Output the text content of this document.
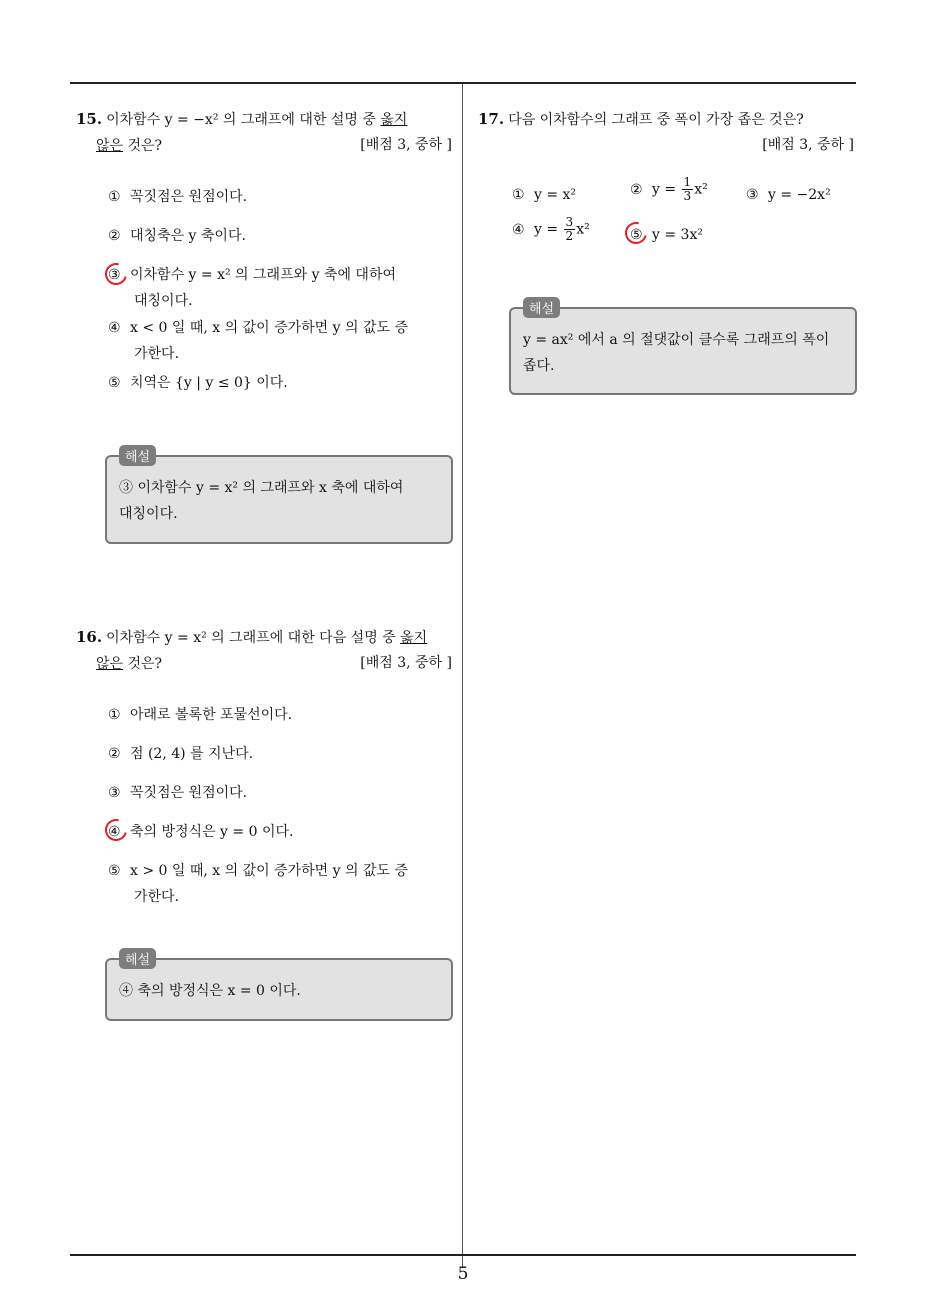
5
15. 이차함수 y = −x² 의 그래프에 대한 설명 중 옳지
않은 것은?	[배점 3, 중하 ]
① 꼭짓점은 원점이다.
② 대칭축은 y 축이다.
③ 이차함수 y = x² 의 그래프와 y 축에 대하여
대칭이다.
④ x < 0 일 때, x 의 값이 증가하면 y 의 값도 증
가한다.
⑤ 치역은 {y | y ≤ 0} 이다.
해설
③ 이차함수 y = x² 의 그래프와 x 축에 대하여
대칭이다.
16. 이차함수 y = x² 의 그래프에 대한 다음 설명 중 옳지
않은 것은?	[배점 3, 중하 ]
① 아래로 볼록한 포물선이다.
② 점 (2, 4) 를 지난다.
③ 꼭짓점은 원점이다.
④ 축의 방정식은 y = 0 이다.
⑤ x > 0 일 때, x 의 값이 증가하면 y 의 값도 증
가한다.
해설
④ 축의 방정식은 x = 0 이다.
17. 다음 이차함수의 그래프 중 폭이 가장 좁은 것은?
[배점 3, 중하 ]
① y = x²	② $y = \frac{1}{3} x^2$	③ y = −2x²
④ $y = \frac{3}{2} x^2$	⑤ y = 3x²
해설
y = ax² 에서 a 의 절댓값이 클수록 그래프의 폭이
좁다.
